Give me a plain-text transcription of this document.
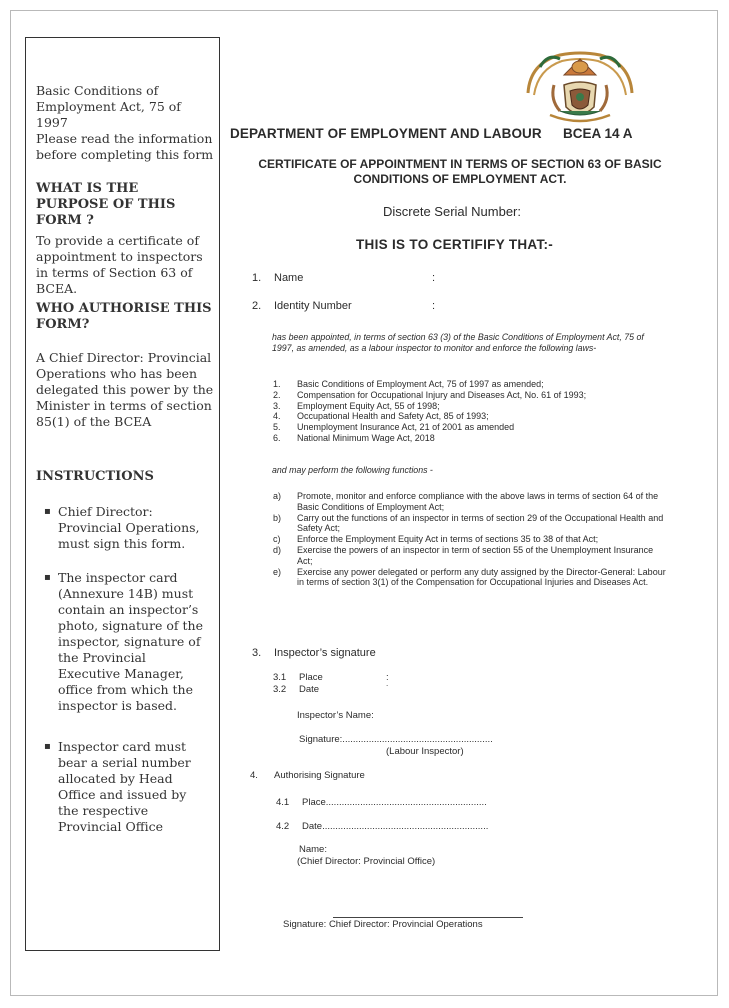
Basic Conditions of Employment Act, 75 of 1997

Please read the information before completing this form

WHAT IS THE PURPOSE OF THIS FORM ?

To provide a certificate of appointment to inspectors in terms of Section 63 of BCEA.

WHO AUTHORISE THIS FORM?

A Chief Director: Provincial Operations who has been delegated this power by the Minister in terms of section 85(1) of the BCEA

INSTRUCTIONS

▪ Chief Director: Provincial Operations, must sign this form.
▪ The inspector card (Annexure 14B) must contain an inspector’s photo, signature of the inspector, signature of the Provincial Executive Manager, office from which the inspector is based.
▪ Inspector card must bear a serial number allocated by Head Office and issued by the respective Provincial Office

DEPARTMENT OF EMPLOYMENT AND LABOUR BCEA 14 A

CERTIFICATE OF APPOINTMENT IN TERMS OF SECTION 63 OF BASIC CONDITIONS OF EMPLOYMENT ACT.

Discrete Serial Number:

THIS IS TO CERTIFIFY THAT:-

1. Name	:

2. Identity Number	:

has been appointed, in terms of section 63 (3) of the Basic Conditions of Employment Act, 75 of 1997, as amended, as a labour inspector to monitor and enforce the following laws-

1. Basic Conditions of Employment Act, 75 of 1997 as amended;
2. Compensation for Occupational Injury and Diseases Act, No. 61 of 1993;
3. Employment Equity Act, 55 of 1998;
4. Occupational Health and Safety Act, 85 of 1993;
5. Unemployment Insurance Act, 21 of 2001 as amended
6. National Minimum Wage Act, 2018

and may perform the following functions -

a) Promote, monitor and enforce compliance with the above laws in terms of section 64 of the Basic Conditions of Employment Act;
b) Carry out the functions of an inspector in terms of section 29 of the Occupational Health and Safety Act;
c) Enforce the Employment Equity Act in terms of sections 35 to 38 of that Act;
d) Exercise the powers of an inspector in term of section 55 of the Unemployment Insurance Act;
e) Exercise any power delegated or perform any duty assigned by the Director-General: Labour in terms of section 3(1) of the Compensation for Occupational Injuries and Diseases Act.

3. Inspector’s signature

3.1 Place	:

3.2 Date	˙

Inspector’s Name:

Signature:.........................................................

(Labour Inspector)

4. Authorising Signature

4.1 Place.............................................................

4.2 Date...............................................................

Name:

(Chief Director: Provincial Office)

Signature: Chief Director: Provincial Operations
